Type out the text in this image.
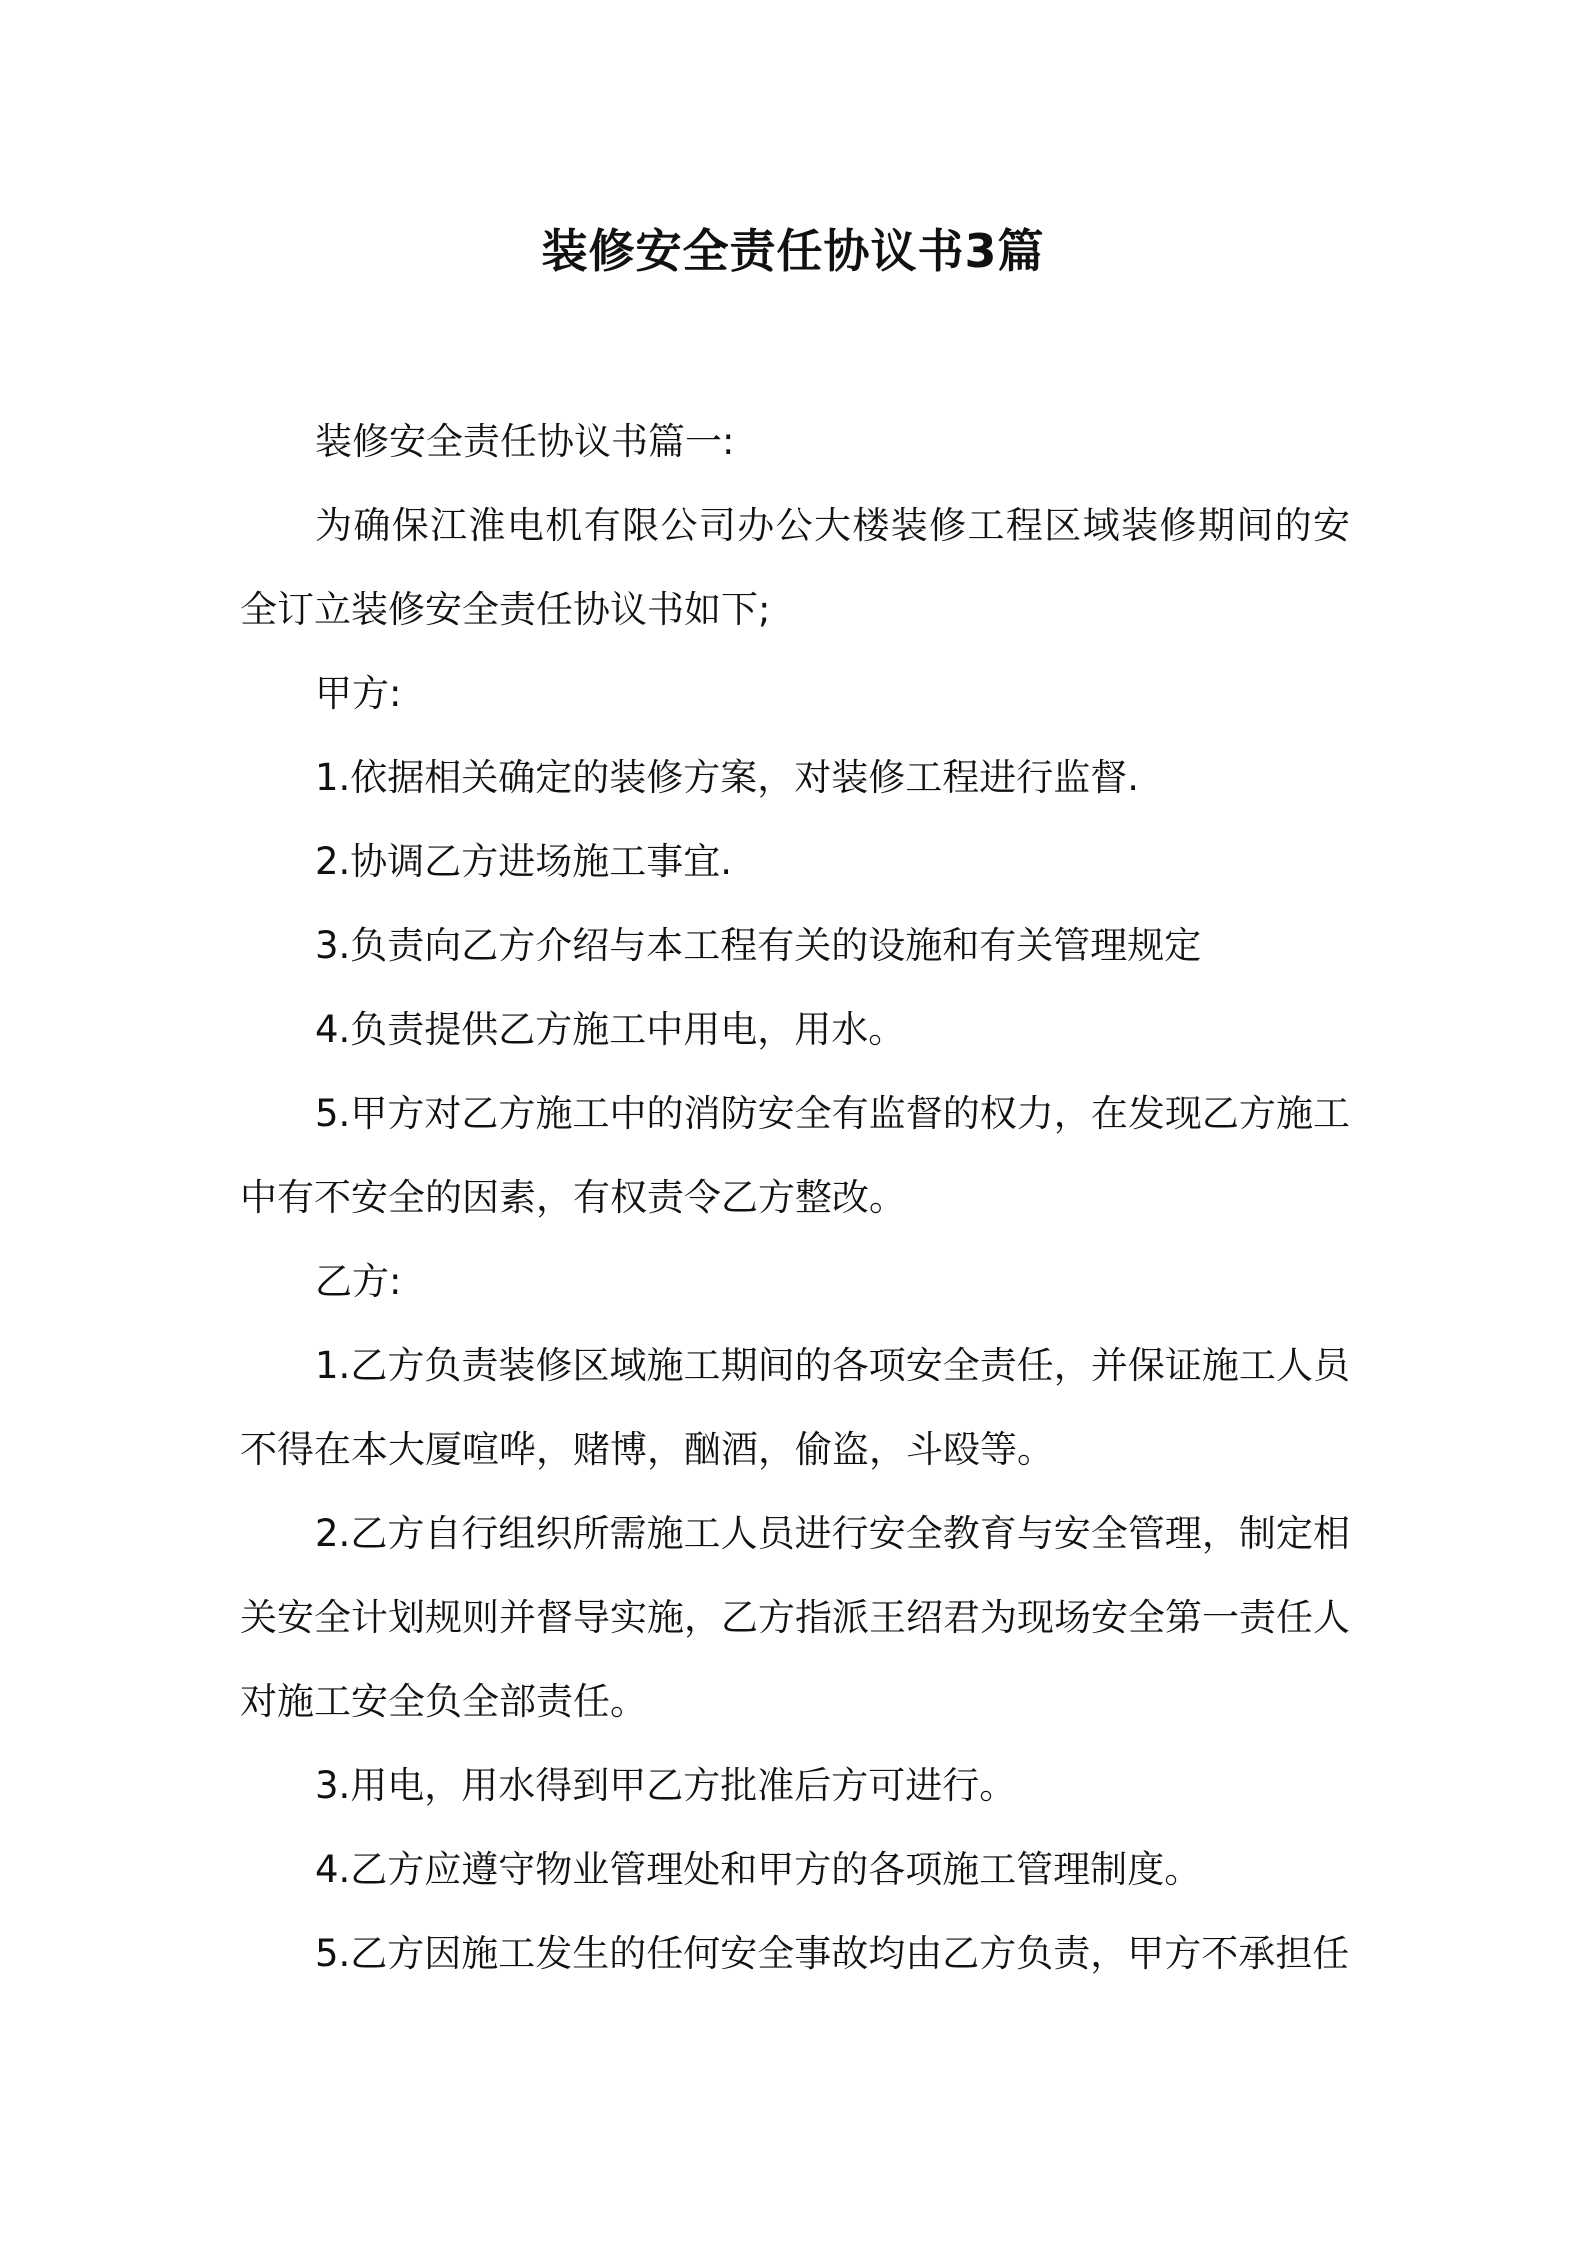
装修安全责任协议书3篇

装修安全责任协议书篇一:

为确保江淮电机有限公司办公大楼装修工程区域装修期间的安全订立装修安全责任协议书如下;

甲方:

1.依据相关确定的装修方案，对装修工程进行监督.

2.协调乙方进场施工事宜.

3.负责向乙方介绍与本工程有关的设施和有关管理规定

4.负责提供乙方施工中用电，用水。

5.甲方对乙方施工中的消防安全有监督的权力，在发现乙方施工中有不安全的因素，有权责令乙方整改。

乙方:

1.乙方负责装修区域施工期间的各项安全责任，并保证施工人员不得在本大厦喧哗，赌博，酗酒，偷盗，斗殴等。

2.乙方自行组织所需施工人员进行安全教育与安全管理，制定相关安全计划规则并督导实施，乙方指派王绍君为现场安全第一责任人对施工安全负全部责任。

3.用电，用水得到甲乙方批准后方可进行。

4.乙方应遵守物业管理处和甲方的各项施工管理制度。

5.乙方因施工发生的任何安全事故均由乙方负责，甲方不承担任
